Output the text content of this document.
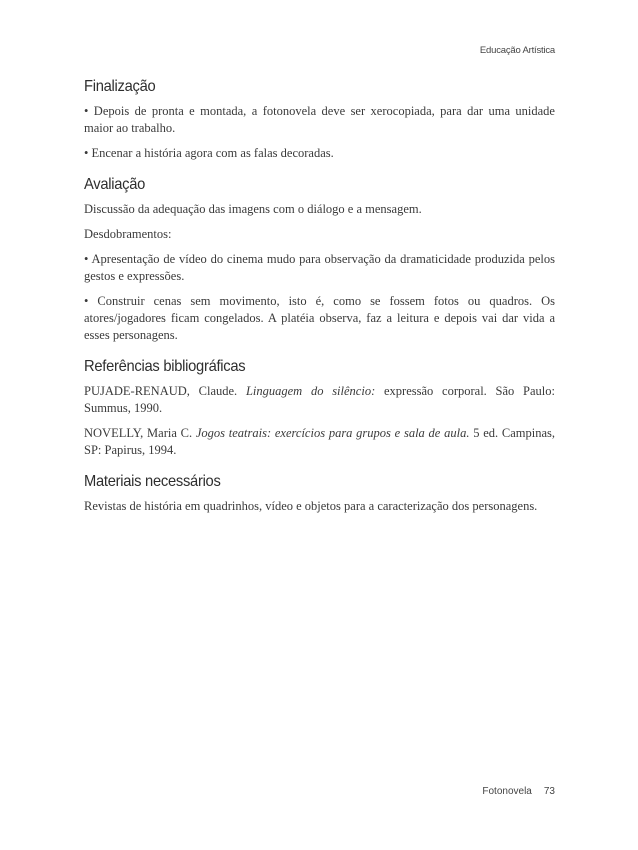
Educação Artística
Finalização

• Depois de pronta e montada, a fotonovela deve ser xerocopiada, para dar uma unidade maior ao trabalho.

• Encenar a história agora com as falas decoradas.

Avaliação

Discussão da adequação das imagens com o diálogo e a mensagem.

Desdobramentos:

• Apresentação de vídeo do cinema mudo para observação da dramaticidade produzida pelos gestos e expressões.

• Construir cenas sem movimento, isto é, como se fossem fotos ou quadros. Os atores/jogadores ficam congelados. A platéia observa, faz a leitura e depois vai dar vida a esses personagens.

Referências bibliográficas

PUJADE-RENAUD, Claude. Linguagem do silêncio: expressão corporal. São Paulo: Summus, 1990.

NOVELLY, Maria C. Jogos teatrais: exercícios para grupos e sala de aula. 5 ed. Campinas, SP: Papirus, 1994.

Materiais necessários

Revistas de história em quadrinhos, vídeo e objetos para a caracterização dos personagens.

Fotonovela 73
